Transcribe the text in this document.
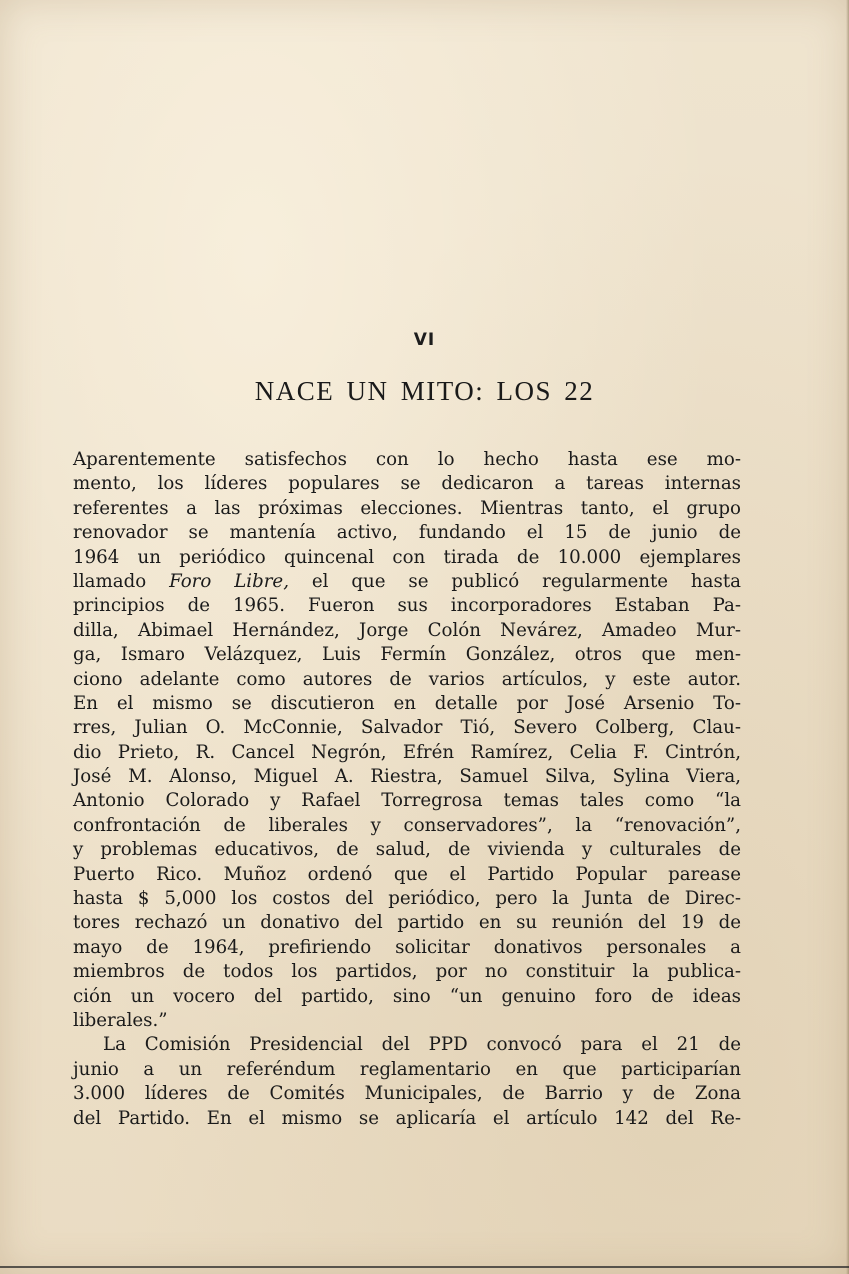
VI
NACE UN MITO: LOS 22
Aparentemente satisfechos con lo hecho hasta ese mo-
mento, los líderes populares se dedicaron a tareas internas
referentes a las próximas elecciones. Mientras tanto, el grupo
renovador se mantenía activo, fundando el 15 de junio de
1964 un periódico quincenal con tirada de 10.000 ejemplares
llamado Foro Libre, el que se publicó regularmente hasta
principios de 1965. Fueron sus incorporadores Estaban Pa-
dilla, Abimael Hernández, Jorge Colón Nevárez, Amadeo Mur-
ga, Ismaro Velázquez, Luis Fermín González, otros que men-
ciono adelante como autores de varios artículos, y este autor.
En el mismo se discutieron en detalle por José Arsenio To-
rres, Julian O. McConnie, Salvador Tió, Severo Colberg, Clau-
dio Prieto, R. Cancel Negrón, Efrén Ramírez, Celia F. Cintrón,
José M. Alonso, Miguel A. Riestra, Samuel Silva, Sylina Viera,
Antonio Colorado y Rafael Torregrosa temas tales como “la
confrontación de liberales y conservadores”, la “renovación”,
y problemas educativos, de salud, de vivienda y culturales de
Puerto Rico. Muñoz ordenó que el Partido Popular parease
hasta $ 5,000 los costos del periódico, pero la Junta de Direc-
tores rechazó un donativo del partido en su reunión del 19 de
mayo de 1964, prefiriendo solicitar donativos personales a
miembros de todos los partidos, por no constituir la publica-
ción un vocero del partido, sino “un genuino foro de ideas
liberales.”
La Comisión Presidencial del PPD convocó para el 21 de
junio a un referéndum reglamentario en que participarían
3.000 líderes de Comités Municipales, de Barrio y de Zona
del Partido. En el mismo se aplicaría el artículo 142 del Re-
